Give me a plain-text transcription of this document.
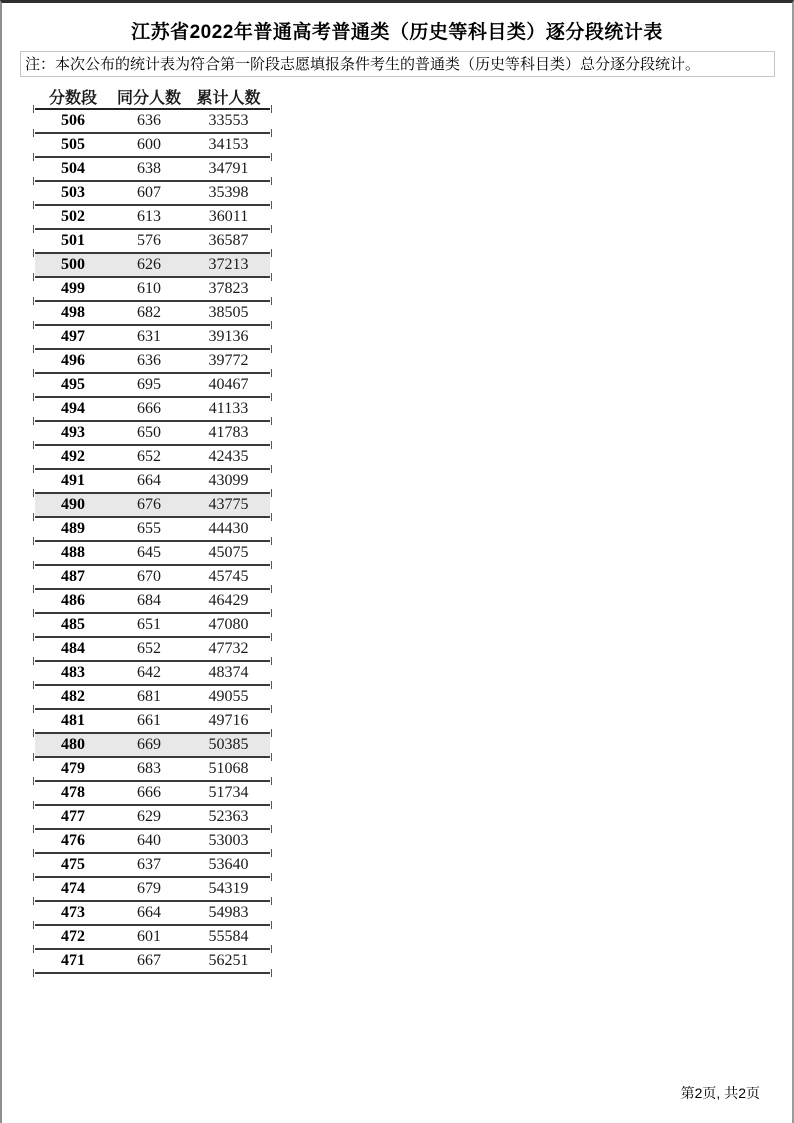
江苏省2022年普通高考普通类（历史等科目类）逐分段统计表
注：本次公布的统计表为符合第一阶段志愿填报条件考生的普通类（历史等科目类）总分逐分段统计。
分数段	同分人数 累计人数
506	636	33553
505	600	34153
504	638	34791
503	607	35398
502	613	36011
501	576	36587
500	626	37213
499	610	37823
498	682	38505
497	631	39136
496	636	39772
495	695	40467
494	666	41133
493	650	41783
492	652	42435
491	664	43099
490	676	43775
489	655	44430
488	645	45075
487	670	45745
486	684	46429
485	651	47080
484	652	47732
483	642	48374
482	681	49055
481	661	49716
480	669	50385
479	683	51068
478	666	51734
477	629	52363
476	640	53003
475	637	53640
474	679	54319
473	664	54983
472	601	55584
471	667	56251
第2页, 共2页
